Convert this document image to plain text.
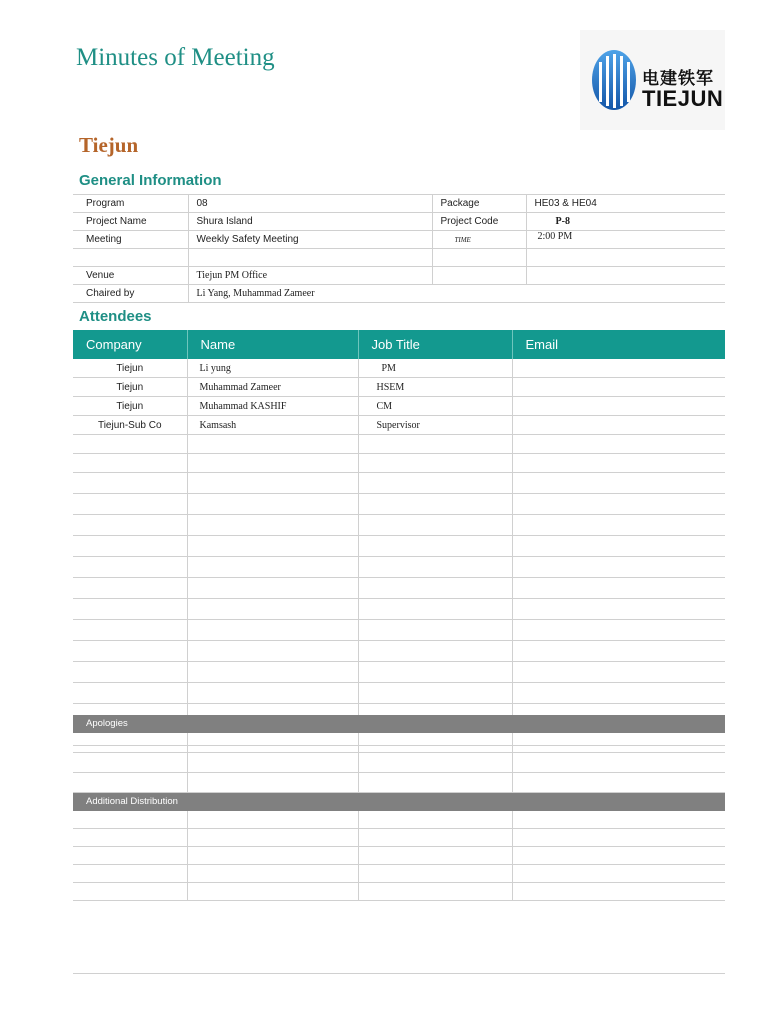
Minutes of Meeting
电建铁军
TIEJUN
Tiejun
General Information
Program	08	Package	HE03 & HE04
Project Name	Shura Island	Project Code	P-8
Meeting	Weekly Safety Meeting	TIME	2:00 PM

Venue	Tiejun PM Office		
Chaired by	Li Yang, Muhammad Zameer		
Attendees
Company	Name	Job Title	Email
Tiejun	Li yung	PM	
Tiejun	Muhammad Zameer	HSEM	
Tiejun	Muhammad KASHIF	CM	
Tiejun-Sub Co	Kamsash	Supervisor	

Apologies

Additional Distribution
